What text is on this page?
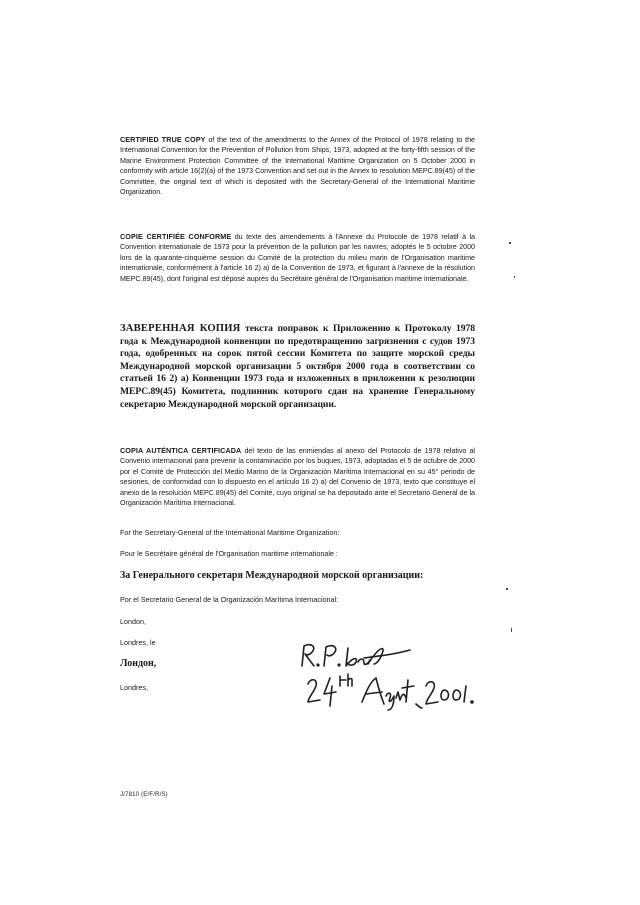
CERTIFIED TRUE COPY of the text of the amendments to the Annex of the Protocol of 1978 relating to the International Convention for the Prevention of Pollution from Ships, 1973, adopted at the forty-fifth session of the Marine Environment Protection Committee of the International Maritime Organization on 5 October 2000 in conformity with article 16(2)(a) of the 1973 Convention and set out in the Annex to resolution MEPC.89(45) of the Committee, the original text of which is deposited with the Secretary-General of the International Maritime Organization.
COPIE CERTIFIÉE CONFORME du texte des amendements à l'Annexe du Protocole de 1978 relatif à la Convention internationale de 1973 pour la prévention de la pollution par les navires, adoptés le 5 octobre 2000 lors de la quarante-cinquième session du Comité de la protection du milieu marin de l'Organisation maritime internationale, conformément à l'article 16 2) a) de la Convention de 1973, et figurant à l'annexe de la résolution MEPC.89(45), dont l'original est déposé auprès du Secrétaire général de l'Organisation maritime internationale.
ЗАВЕРЕННАЯ КОПИЯ текста поправок к Приложению к Протоколу 1978 года к Международной конвенции по предотвращению загрязнения с судов 1973 года, одобренных на сорок пятой сессии Комитета по защите морской среды Международной морской организации 5 октября 2000 года в соответствии со статьей 16 2) а) Конвенции 1973 года и изложенных в приложении к резолюции МЕРС.89(45) Комитета, подлинник которого сдан на хранение Генеральному секретарю Международной морской организации.
COPIA AUTÉNTICA CERTIFICADA del texto de las enmiendas al anexo del Protocolo de 1978 relativo al Convenio internacional para prevenir la contaminación por los buques, 1973, adoptadas el 5 de octubre de 2000 por el Comité de Protección del Medio Marino de la Organización Marítima Internacional en su 45° periodo de sesiones, de conformidad con lo dispuesto en el artículo 16 2) a) del Convenio de 1973, texto que constituye el anexo de la resolución MEPC.89(45) del Comité, cuyo original se ha depositado ante el Secretario General de la Organización Marítima Internacional.
For the Secretary-General of the International Maritime Organization:
Pour le Secrétaire général de l'Organisation maritime internationale :
За Генерального секретаря Международной морской организации:
Por el Secretario General de la Organización Marítima Internacional:
London,
Londres, le
Лондон,
Londres,
J/7810 (E/F/R/S)
